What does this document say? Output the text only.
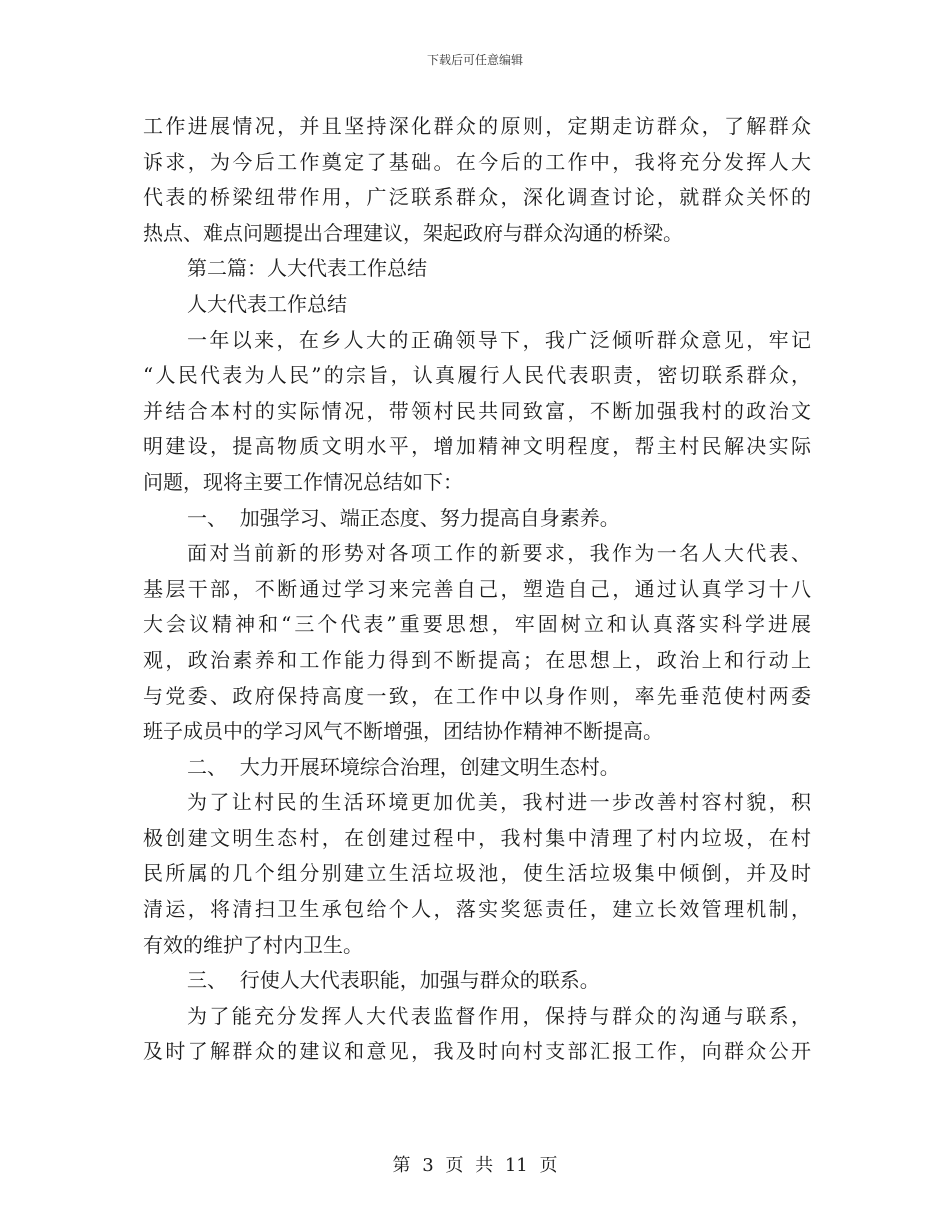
下载后可任意编辑
工作进展情况，并且坚持深化群众的原则，定期走访群众，了解群众
诉求，为今后工作奠定了基础。在今后的工作中，我将充分发挥人大
代表的桥梁纽带作用，广泛联系群众，深化调查讨论，就群众关怀的
热点、难点问题提出合理建议，架起政府与群众沟通的桥梁。
第二篇：人大代表工作总结
人大代表工作总结
一年以来，在乡人大的正确领导下，我广泛倾听群众意见，牢记
“人民代表为人民”的宗旨，认真履行人民代表职责，密切联系群众，
并结合本村的实际情况，带领村民共同致富，不断加强我村的政治文
明建设，提高物质文明水平，增加精神文明程度，帮主村民解决实际
问题，现将主要工作情况总结如下：
一、  加强学习、端正态度、努力提高自身素养。
面对当前新的形势对各项工作的新要求，我作为一名人大代表、
基层干部，不断通过学习来完善自己，塑造自己，通过认真学习十八
大会议精神和“三个代表”重要思想，牢固树立和认真落实科学进展
观，政治素养和工作能力得到不断提高；在思想上，政治上和行动上
与党委、政府保持高度一致，在工作中以身作则，率先垂范使村两委
班子成员中的学习风气不断增强，团结协作精神不断提高。
二、  大力开展环境综合治理，创建文明生态村。
为了让村民的生活环境更加优美，我村进一步改善村容村貌，积
极创建文明生态村，在创建过程中，我村集中清理了村内垃圾，在村
民所属的几个组分别建立生活垃圾池，使生活垃圾集中倾倒，并及时
清运，将清扫卫生承包给个人，落实奖惩责任，建立长效管理机制，
有效的维护了村内卫生。
三、  行使人大代表职能，加强与群众的联系。
为了能充分发挥人大代表监督作用，保持与群众的沟通与联系，
及时了解群众的建议和意见，我及时向村支部汇报工作，向群众公开
第 3 页 共 11 页
